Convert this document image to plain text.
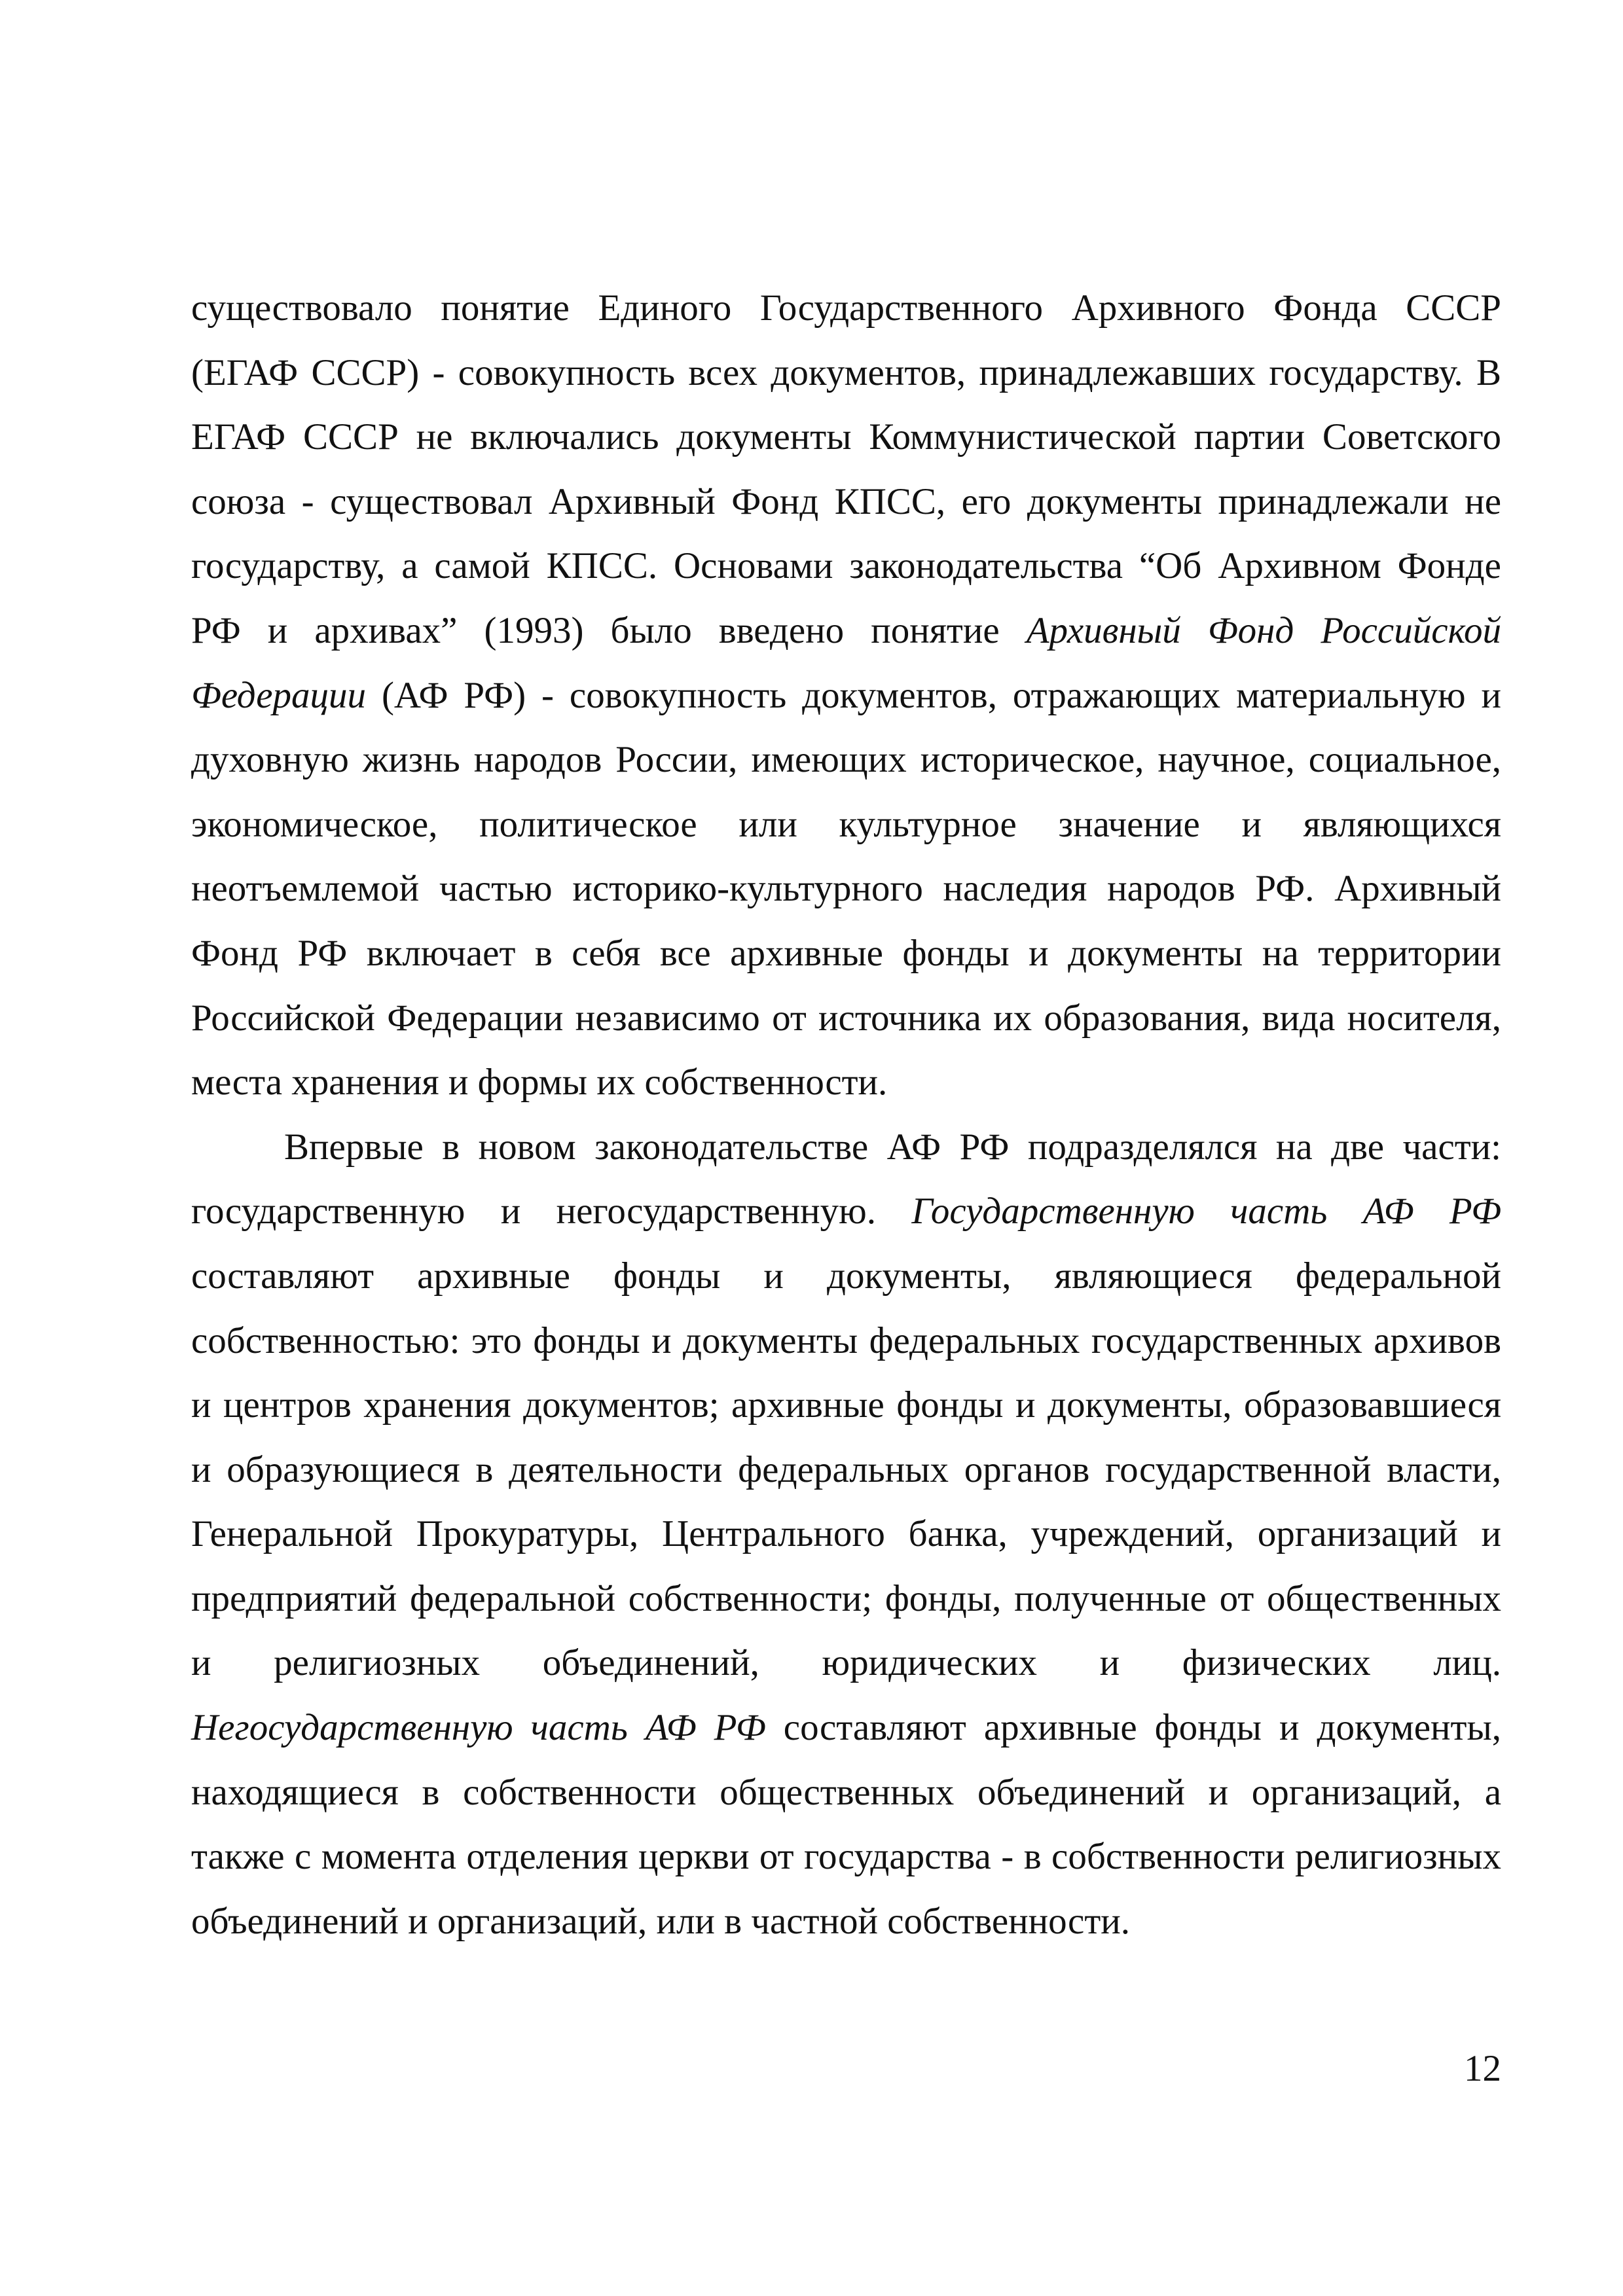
существовало понятие Единого Государственного Архивного Фонда СССР (ЕГАФ СССР) - совокупность всех документов, принадлежавших государству. В ЕГАФ СССР не включались документы Коммунистической партии Советского союза - существовал Архивный Фонд КПСС, его документы принадлежали не государству, а самой КПСС. Основами законодательства “Об Архивном Фонде РФ и архивах” (1993) было введено понятие Архивный Фонд Российской Федерации (АФ РФ) - совокупность документов, отражающих материальную и духовную жизнь народов России, имеющих историческое, научное, социальное, экономическое, политическое или культурное значение и являющихся неотъемлемой частью историко-культурного наследия народов РФ. Архивный Фонд РФ включает в себя все архивные фонды и документы на территории Российской Федерации независимо от источника их образования, вида носителя, места хранения и формы их собственности.

Впервые в новом законодательстве АФ РФ подразделялся на две части: государственную и негосударственную. Государственную часть АФ РФ составляют архивные фонды и документы, являющиеся федеральной собственностью: это фонды и документы федеральных государственных архивов и центров хранения документов; архивные фонды и документы, образовавшиеся и образующиеся в деятельности федеральных органов государственной власти, Генеральной Прокуратуры, Центрального банка, учреждений, организаций и предприятий федеральной собственности; фонды, полученные от общественных и религиозных объединений, юридических и физических лиц. Негосударственную часть АФ РФ составляют архивные фонды и документы, находящиеся в собственности общественных объединений и организаций, а также с момента отделения церкви от государства - в собственности религиозных объединений и организаций, или в частной собственности.

12
